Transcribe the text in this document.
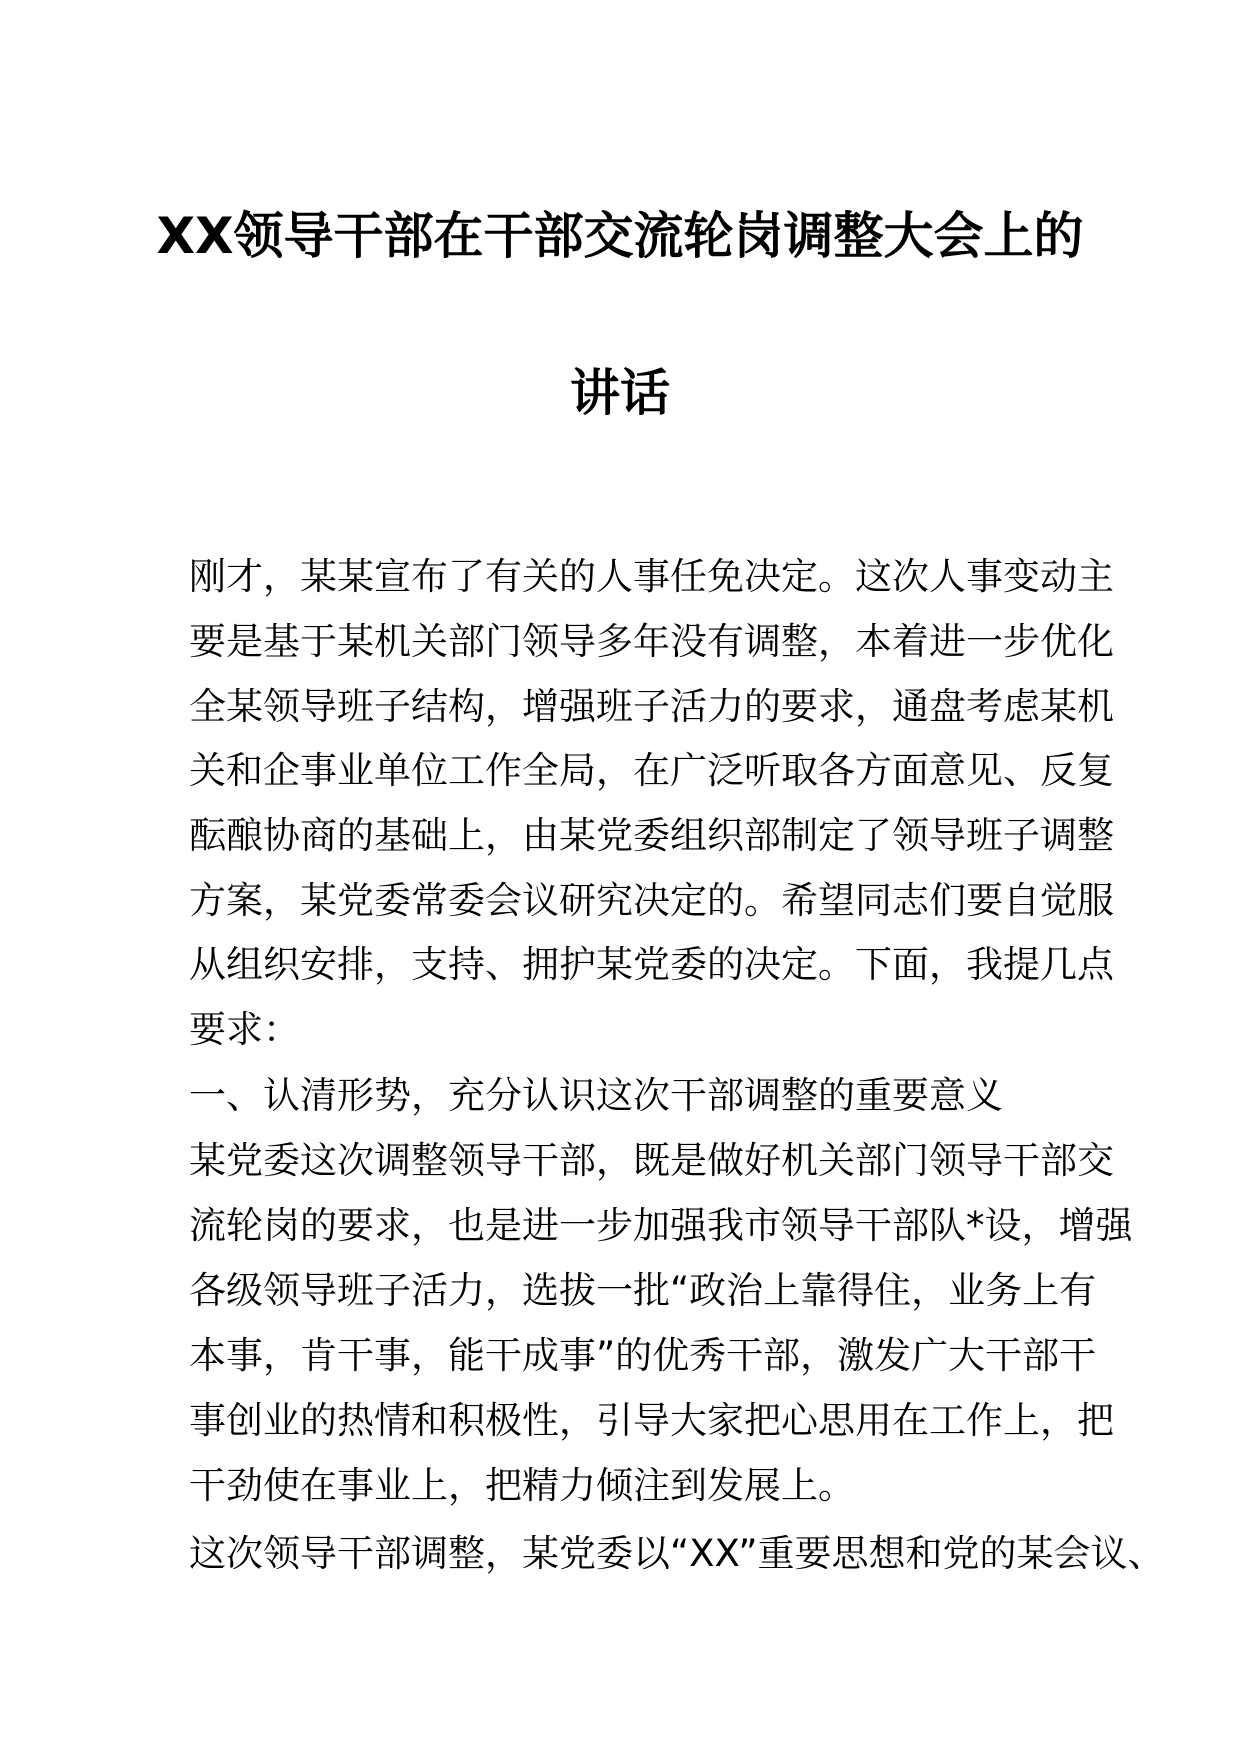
XX领导干部在干部交流轮岗调整大会上的
讲话
刚才，某某宣布了有关的人事任免决定。这次人事变动主
要是基于某机关部门领导多年没有调整，本着进一步优化
全某领导班子结构，增强班子活力的要求，通盘考虑某机
关和企事业单位工作全局，在广泛听取各方面意见、反复
酝酿协商的基础上，由某党委组织部制定了领导班子调整
方案，某党委常委会议研究决定的。希望同志们要自觉服
从组织安排，支持、拥护某党委的决定。下面，我提几点
要求：
一、认清形势，充分认识这次干部调整的重要意义
某党委这次调整领导干部，既是做好机关部门领导干部交
流轮岗的要求，也是进一步加强我市领导干部队*设，增强
各级领导班子活力，选拔一批“政治上靠得住，业务上有
本事，肯干事，能干成事”的优秀干部，激发广大干部干
事创业的热情和积极性，引导大家把心思用在工作上，把
干劲使在事业上，把精力倾注到发展上。
这次领导干部调整，某党委以“XX”重要思想和党的某会议、
